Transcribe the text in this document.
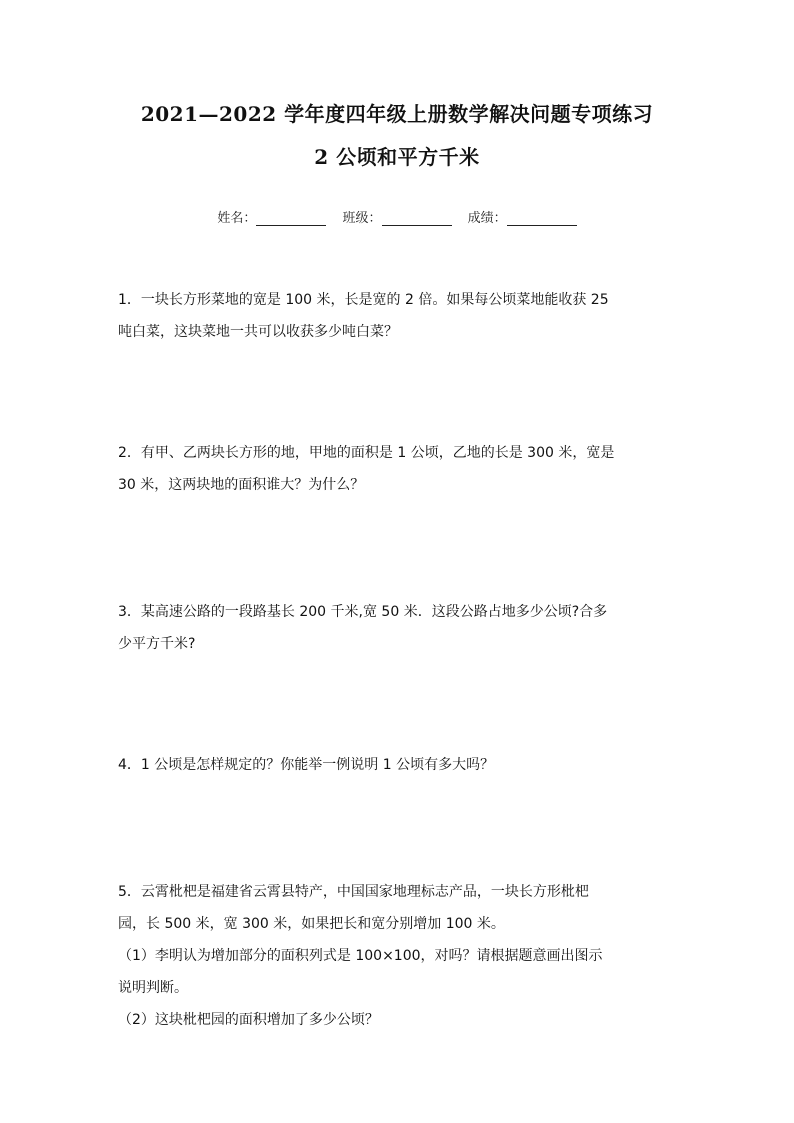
2021—2022 学年度四年级上册数学解决问题专项练习
2 公顷和平方千米
姓名：	班级：	成绩：

1．一块长方形菜地的宽是 100 米，长是宽的 2 倍。如果每公顷菜地能收获 25

吨白菜，这块菜地一共可以收获多少吨白菜？

2．有甲、乙两块长方形的地，甲地的面积是 1 公顷，乙地的长是 300 米，宽是

30 米，这两块地的面积谁大？为什么？

3．某高速公路的一段路基长 200 千米,宽 50 米．这段公路占地多少公顷?合多

少平方千米?

4．1 公顷是怎样规定的？你能举一例说明 1 公顷有多大吗？

5．云霄枇杷是福建省云霄县特产，中国国家地理标志产品，一块长方形枇杷

园，长 500 米，宽 300 米，如果把长和宽分别增加 100 米。

（1）李明认为增加部分的面积列式是 100×100，对吗？请根据题意画出图示

说明判断。

（2）这块枇杷园的面积增加了多少公顷？
